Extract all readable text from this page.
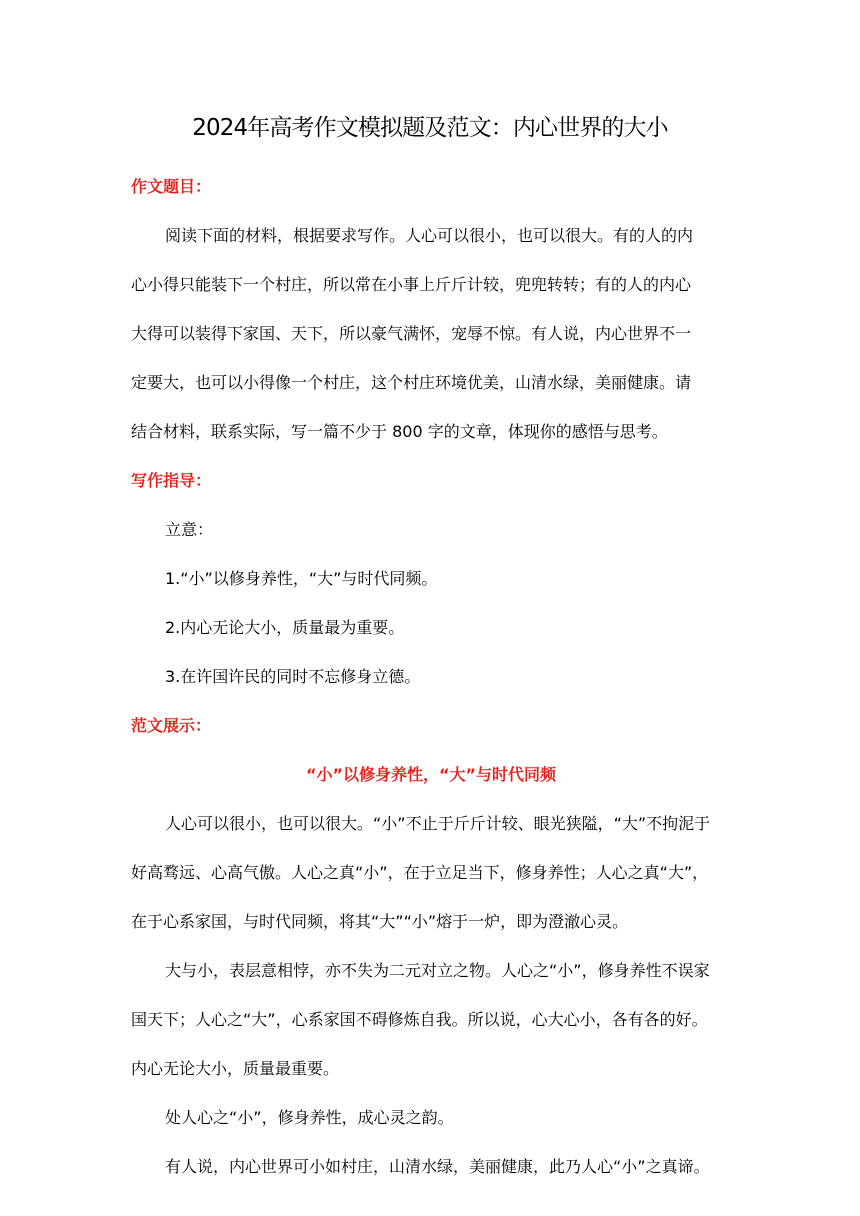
2024年高考作文模拟题及范文：内心世界的大小
作文题目：
阅读下面的材料，根据要求写作。人心可以很小，也可以很大。有的人的内
心小得只能装下一个村庄，所以常在小事上斤斤计较，兜兜转转；有的人的内心
大得可以装得下家国、天下，所以豪气满怀，宠辱不惊。有人说，内心世界不一
定要大，也可以小得像一个村庄，这个村庄环境优美，山清水绿，美丽健康。请
结合材料，联系实际，写一篇不少于 800 字的文章，体现你的感悟与思考。
写作指导：
立意：
1.“小”以修身养性，“大”与时代同频。
2.内心无论大小，质量最为重要。
3.在许国许民的同时不忘修身立德。
范文展示：
“小”以修身养性，“大”与时代同频
人心可以很小，也可以很大。“小”不止于斤斤计较、眼光狭隘，“大”不拘泥于
好高骛远、心高气傲。人心之真“小”，在于立足当下，修身养性；人心之真“大”，
在于心系家国，与时代同频，将其“大”“小”熔于一炉，即为澄澈心灵。
大与小，表层意相悖，亦不失为二元对立之物。人心之“小”，修身养性不误家
国天下；人心之“大”，心系家国不碍修炼自我。所以说，心大心小，各有各的好。
内心无论大小，质量最重要。
处人心之“小”，修身养性，成心灵之韵。
有人说，内心世界可小如村庄，山清水绿，美丽健康，此乃人心“小”之真谛。
